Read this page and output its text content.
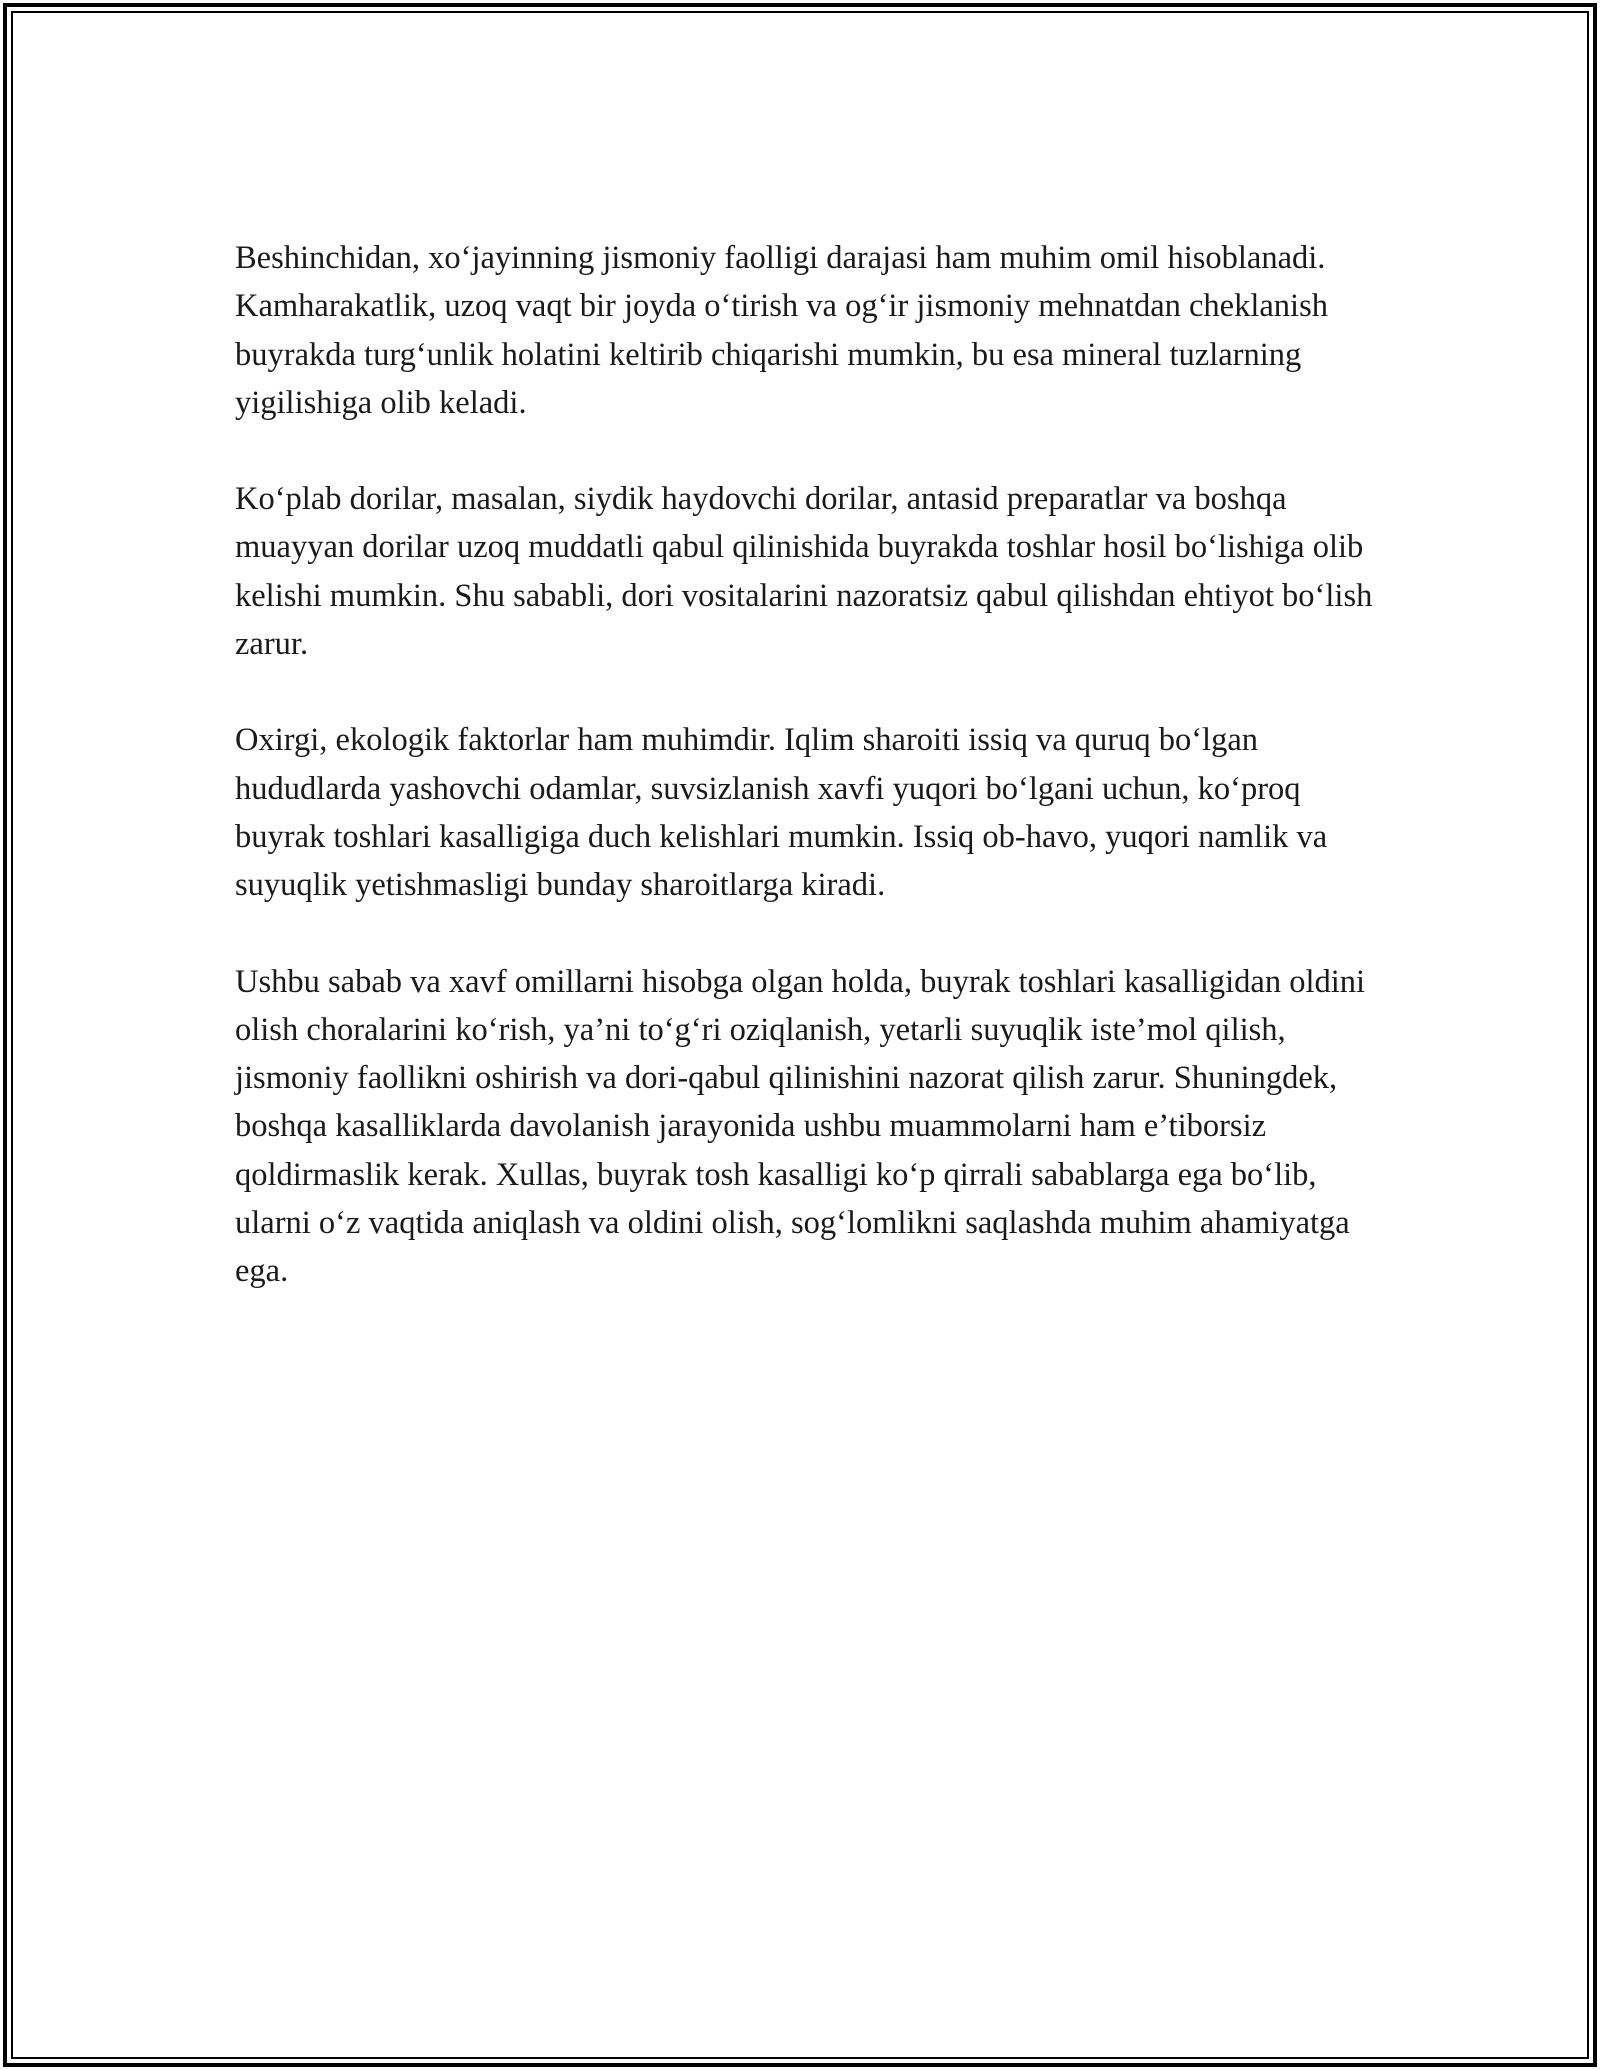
Beshinchidan, xo‘jayinning jismoniy faolligi darajasi ham muhim omil hisoblanadi. Kamharakatlik, uzoq vaqt bir joyda o‘tirish va og‘ir jismoniy mehnatdan cheklanish buyrakda turg‘unlik holatini keltirib chiqarishi mumkin, bu esa mineral tuzlarning yigilishiga olib keladi.

Ko‘plab dorilar, masalan, siydik haydovchi dorilar, antasid preparatlar va boshqa muayyan dorilar uzoq muddatli qabul qilinishida buyrakda toshlar hosil bo‘lishiga olib kelishi mumkin. Shu sababli, dori vositalarini nazoratsiz qabul qilishdan ehtiyot bo‘lish zarur.

Oxirgi, ekologik faktorlar ham muhimdir. Iqlim sharoiti issiq va quruq bo‘lgan hududlarda yashovchi odamlar, suvsizlanish xavfi yuqori bo‘lgani uchun, ko‘proq buyrak toshlari kasalligiga duch kelishlari mumkin. Issiq ob-havo, yuqori namlik va suyuqlik yetishmasligi bunday sharoitlarga kiradi.

Ushbu sabab va xavf omillarni hisobga olgan holda, buyrak toshlari kasalligidan oldini olish choralarini ko‘rish, ya’ni to‘g‘ri oziqlanish, yetarli suyuqlik iste’mol qilish, jismoniy faollikni oshirish va dori-qabul qilinishini nazorat qilish zarur. Shuningdek, boshqa kasalliklarda davolanish jarayonida ushbu muammolarni ham e’tiborsiz qoldirmaslik kerak. Xullas, buyrak tosh kasalligi ko‘p qirrali sabablarga ega bo‘lib, ularni o‘z vaqtida aniqlash va oldini olish, sog‘lomlikni saqlashda muhim ahamiyatga ega.
